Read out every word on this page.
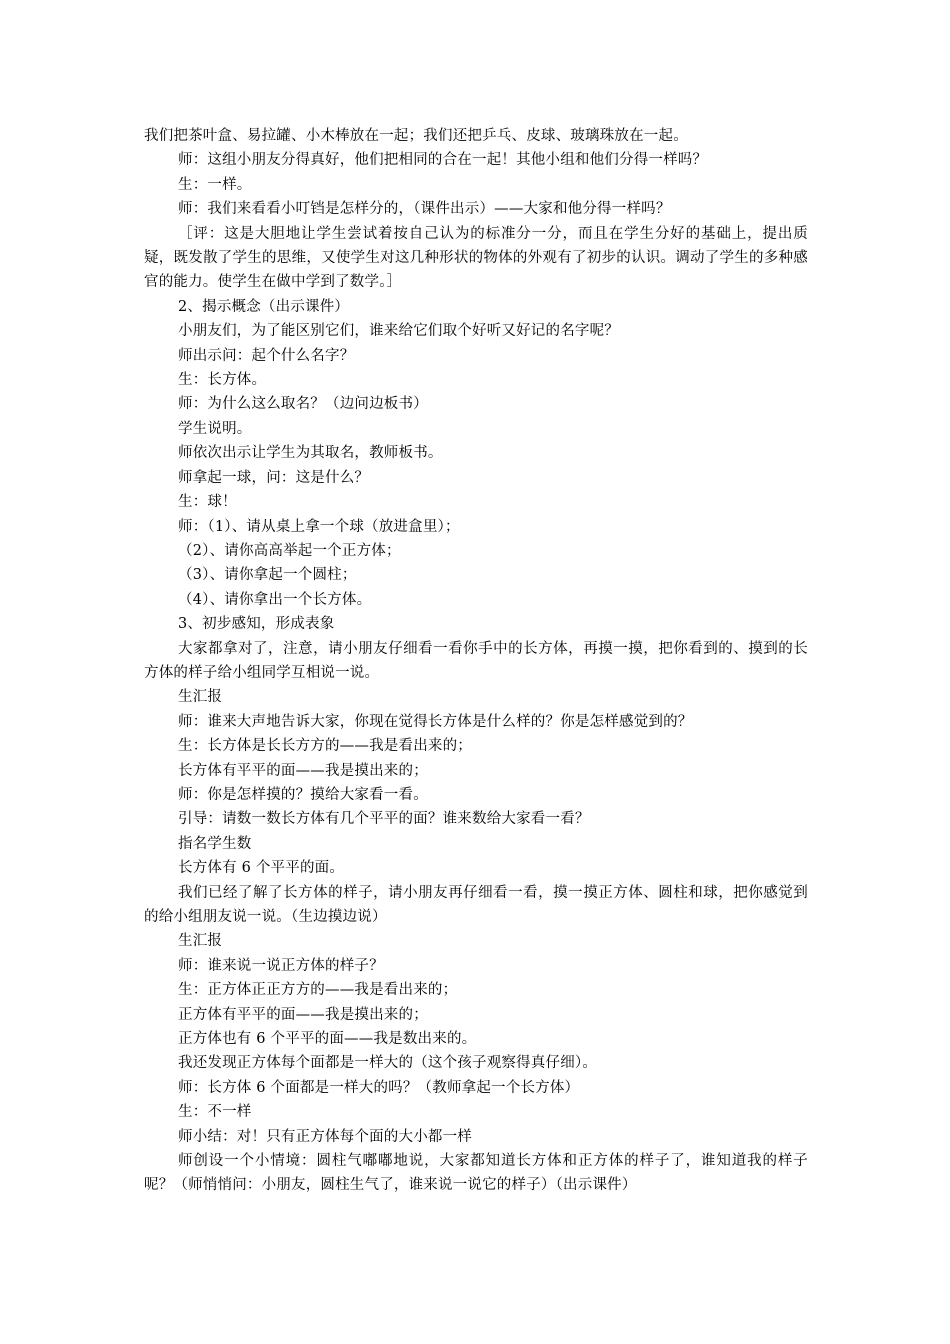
我们把茶叶盒、易拉罐、小木棒放在一起；我们还把乒乓、皮球、玻璃珠放在一起。

师：这组小朋友分得真好，他们把相同的合在一起！其他小组和他们分得一样吗？

生：一样。

师：我们来看看小叮铛是怎样分的，（课件出示）——大家和他分得一样吗？

［评：这是大胆地让学生尝试着按自己认为的标准分一分，而且在学生分好的基础上，提出质疑，既发散了学生的思维，又使学生对这几种形状的物体的外观有了初步的认识。调动了学生的多种感官的能力。使学生在做中学到了数学。］

2、揭示概念（出示课件）

小朋友们，为了能区别它们，谁来给它们取个好听又好记的名字呢？

师出示问：起个什么名字？

生：长方体。

师：为什么这么取名？（边问边板书）

学生说明。

师依次出示让学生为其取名，教师板书。

师拿起一球，问：这是什么？

生：球！

师：（1）、请从桌上拿一个球（放进盒里）；

（2）、请你高高举起一个正方体；

（3）、请你拿起一个圆柱；

（4）、请你拿出一个长方体。

3、初步感知，形成表象

大家都拿对了，注意，请小朋友仔细看一看你手中的长方体，再摸一摸，把你看到的、摸到的长方体的样子给小组同学互相说一说。

生汇报

师：谁来大声地告诉大家，你现在觉得长方体是什么样的？你是怎样感觉到的？

生：长方体是长长方方的——我是看出来的；

长方体有平平的面——我是摸出来的；

师：你是怎样摸的？摸给大家看一看。

引导：请数一数长方体有几个平平的面？谁来数给大家看一看？

指名学生数

长方体有 6 个平平的面。

我们已经了解了长方体的样子，请小朋友再仔细看一看，摸一摸正方体、圆柱和球，把你感觉到的给小组朋友说一说。（生边摸边说）

生汇报

师：谁来说一说正方体的样子？

生：正方体正正方方的——我是看出来的；

正方体有平平的面——我是摸出来的；

正方体也有 6 个平平的面——我是数出来的。

我还发现正方体每个面都是一样大的（这个孩子观察得真仔细）。

师：长方体 6 个面都是一样大的吗？（教师拿起一个长方体）

生：不一样

师小结：对！只有正方体每个面的大小都一样

师创设一个小情境：圆柱气嘟嘟地说，大家都知道长方体和正方体的样子了，谁知道我的样子呢？（师悄悄问：小朋友，圆柱生气了，谁来说一说它的样子）（出示课件）
